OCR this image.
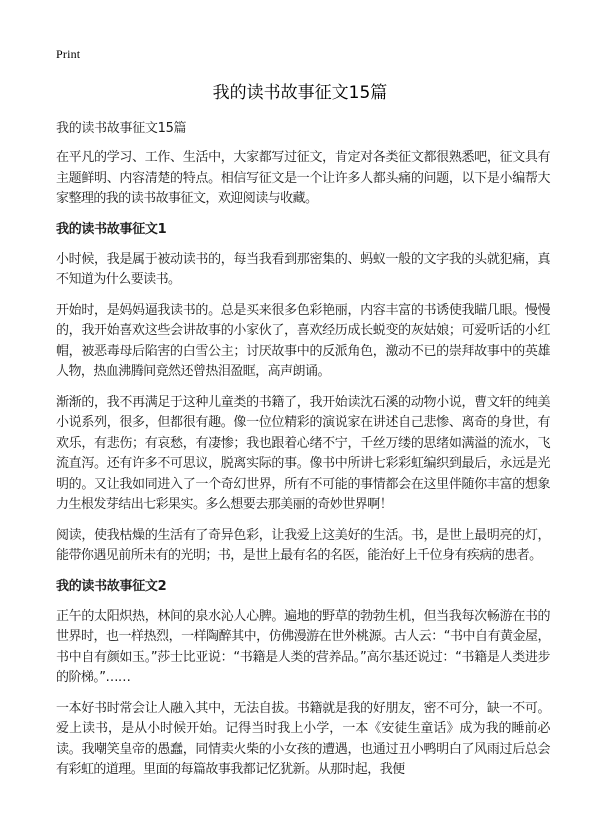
Print
我的读书故事征文15篇
我的读书故事征文15篇

在平凡的学习、工作、生活中，大家都写过征文，肯定对各类征文都很熟悉吧，征文具有主题鲜明、内容清楚的特点。相信写征文是一个让许多人都头痛的问题，以下是小编帮大家整理的我的读书故事征文，欢迎阅读与收藏。

我的读书故事征文1

小时候，我是属于被动读书的，每当我看到那密集的、蚂蚁一般的文字我的头就犯痛，真不知道为什么要读书。

开始时，是妈妈逼我读书的。总是买来很多色彩艳丽，内容丰富的书诱使我瞄几眼。慢慢的，我开始喜欢这些会讲故事的小家伙了，喜欢经历成长蜕变的灰姑娘；可爱听话的小红帽，被恶毒母后陷害的白雪公主；讨厌故事中的反派角色，激动不已的崇拜故事中的英雄人物，热血沸腾间竟然还曾热泪盈眶，高声朗诵。

渐渐的，我不再满足于这种儿童类的书籍了，我开始读沈石溪的动物小说，曹文轩的纯美小说系列，很多，但都很有趣。像一位位精彩的演说家在讲述自己悲惨、离奇的身世，有欢乐，有悲伤；有哀愁，有凄惨；我也跟着心绪不宁，千丝万缕的思绪如满溢的流水，飞流直泻。还有许多不可思议，脱离实际的事。像书中所讲七彩彩虹编织到最后，永远是光明的。又让我如同进入了一个奇幻世界，所有不可能的事情都会在这里伴随你丰富的想象力生根发芽结出七彩果实。多么想要去那美丽的奇妙世界啊！

阅读，使我枯燥的生活有了奇异色彩，让我爱上这美好的生活。书，是世上最明亮的灯，能带你遇见前所未有的光明；书，是世上最有名的名医，能治好上千位身有疾病的患者。

我的读书故事征文2

正午的太阳炽热，林间的泉水沁人心脾。遍地的野草的勃勃生机，但当我每次畅游在书的世界时，也一样热烈，一样陶醉其中，仿佛漫游在世外桃源。古人云：“书中自有黄金屋，书中自有颜如玉。”莎士比亚说：“书籍是人类的营养品。”高尔基还说过：“书籍是人类进步的阶梯。”……

一本好书时常会让人融入其中，无法自拔。书籍就是我的好朋友，密不可分，缺一不可。爱上读书，是从小时候开始。记得当时我上小学，一本《安徒生童话》成为我的睡前必读。我嘲笑皇帝的愚蠢，同情卖火柴的小女孩的遭遇，也通过丑小鸭明白了风雨过后总会有彩虹的道理。里面的每篇故事我都记忆犹新。从那时起，我便
